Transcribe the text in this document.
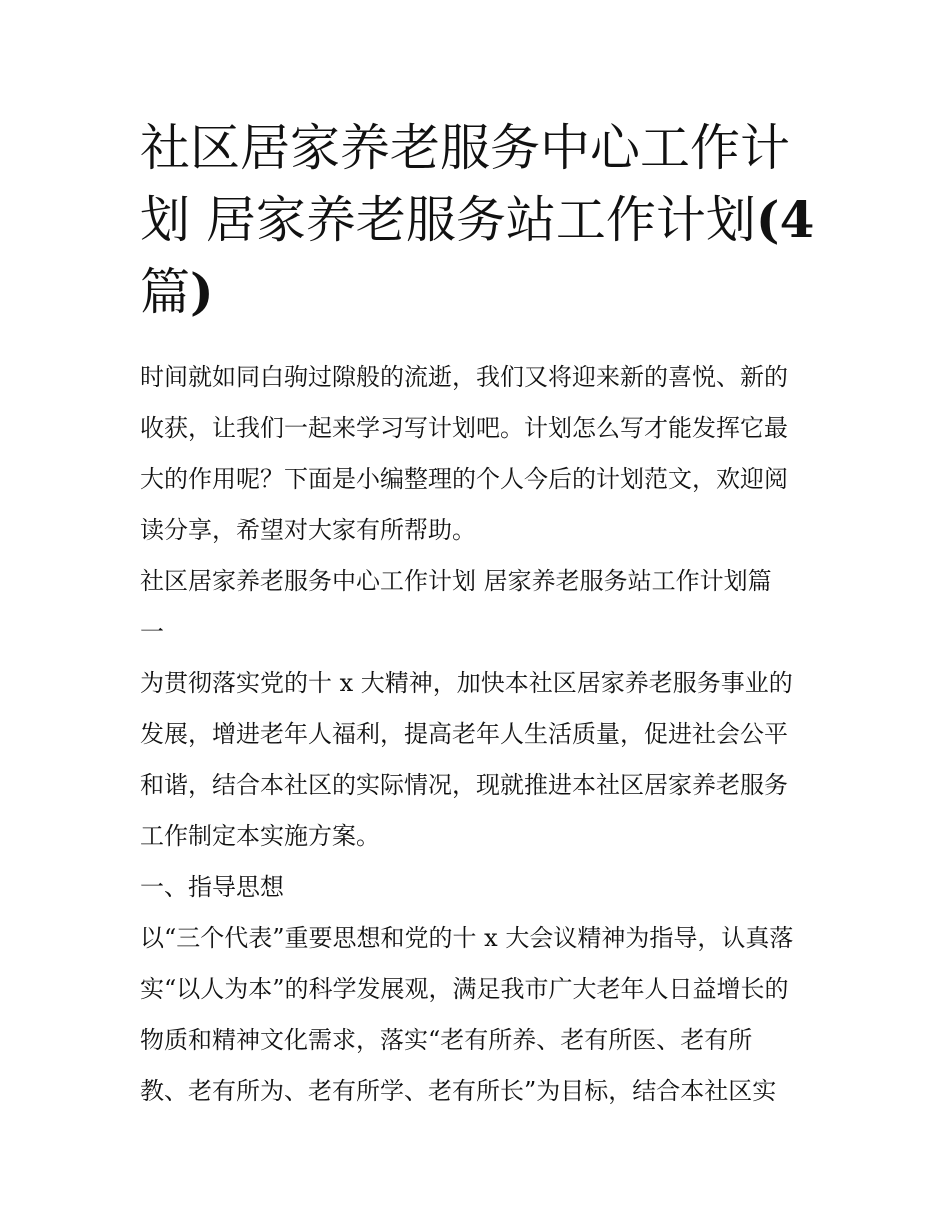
社区居家养老服务中心工作计
划 居家养老服务站工作计划(4
篇)

时间就如同白驹过隙般的流逝，我们又将迎来新的喜悦、新的
收获，让我们一起来学习写计划吧。计划怎么写才能发挥它最
大的作用呢？下面是小编整理的个人今后的计划范文，欢迎阅
读分享，希望对大家有所帮助。

社区居家养老服务中心工作计划 居家养老服务站工作计划篇
一

为贯彻落实党的十 x 大精神，加快本社区居家养老服务事业的
发展，增进老年人福利，提高老年人生活质量，促进社会公平
和谐，结合本社区的实际情况，现就推进本社区居家养老服务
工作制定本实施方案。

一、指导思想

以“三个代表”重要思想和党的十 x 大会议精神为指导，认真落
实“以人为本”的科学发展观，满足我市广大老年人日益增长的
物质和精神文化需求，落实“老有所养、老有所医、老有所
教、老有所为、老有所学、老有所长”为目标，结合本社区实
